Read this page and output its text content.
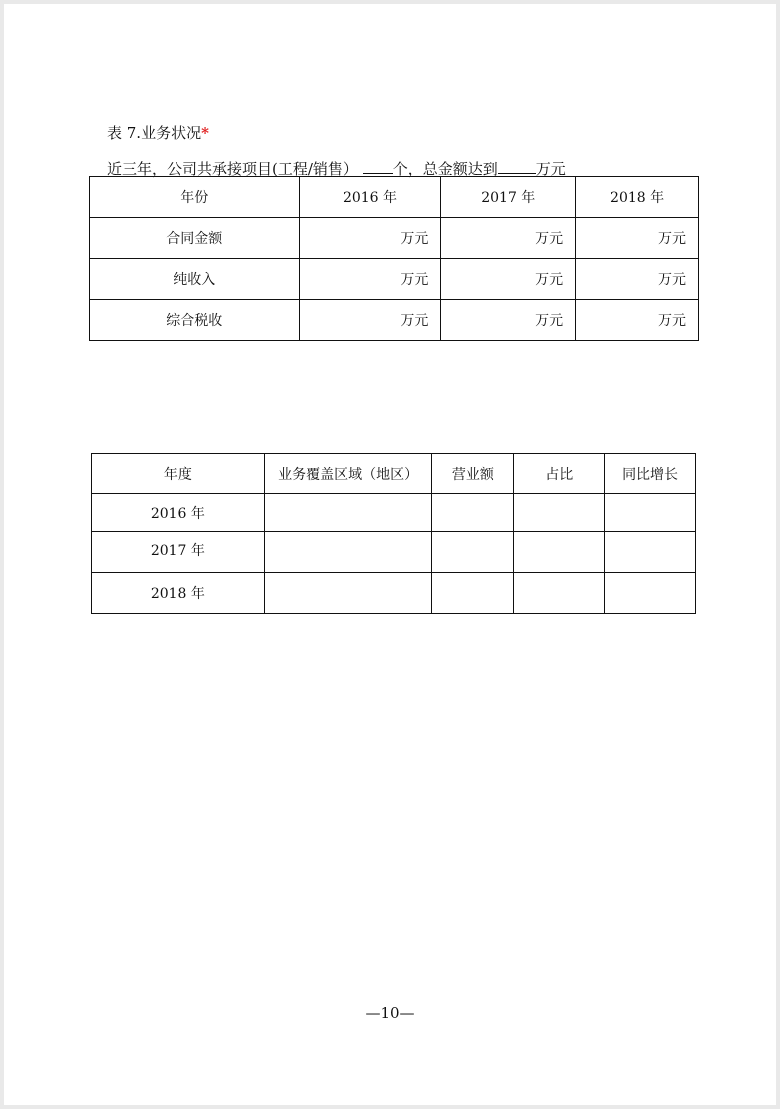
表 7.业务状况*
近三年，公司共承接项目(工程/销售） 个，总金额达到	万元
年份	2016 年	2017 年	2018 年
合同金额	万元	万元	万元
纯收入	万元	万元	万元
综合税收	万元	万元	万元
年度	业务覆盖区域（地区）	营业额	占比	同比增长
2016 年				
2017 年				
2018 年				
—10—
